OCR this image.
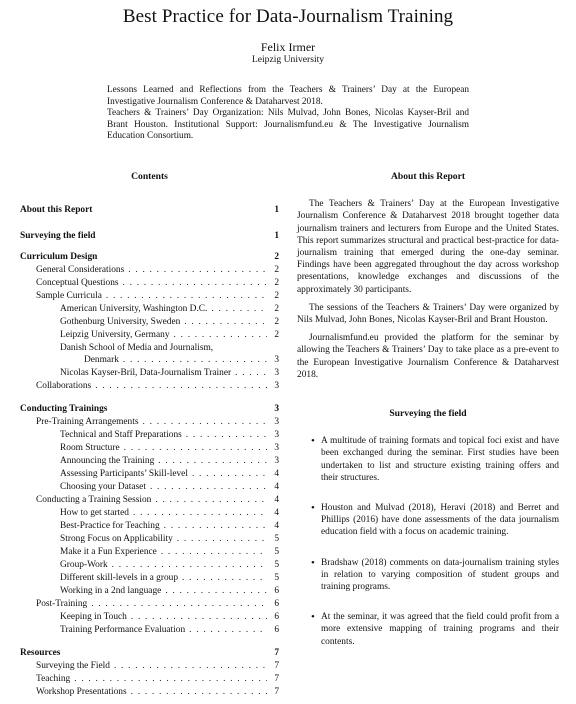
Best Practice for Data-Journalism Training
Felix Irmer
Leipzig University

Lessons Learned and Reflections from the Teachers & Trainers’ Day at the European Investigative Journalism Conference & Dataharvest 2018.

Teachers & Trainers’ Day Organization: Nils Mulvad, John Bones, Nicolas Kayser-Bril and Brant Houston. Institutional Support: Journalismfund.eu & The Investigative Journalism Education Consortium.

Contents
About this Report	1
Surveying the field	1
Curriculum Design	2
General Considerations . . .	2
Conceptual Questions . . .	2
Sample Curricula . . .	2
American University, Washington D.C. . . .	2
Gothenburg University, Sweden . . .	2
Leipzig University, Germany . . .	2
Danish School of Media and Journalism,
Denmark . . .	3
Nicolas Kayser-Bril, Data-Journalism Trainer . . .	3
Collaborations . . .	3
Conducting Trainings	3
Pre-Training Arrangements . . .	3
Technical and Staff Preparations . . .	3
Room Structure . . .	3
Announcing the Training . . .	3
Assessing Participants’ Skill-level . . .	4
Choosing your Dataset . . .	4
Conducting a Training Session . . .	4
How to get started . . .	4
Best-Practice for Teaching . . .	4
Strong Focus on Applicability . . .	5
Make it a Fun Experience . . .	5
Group-Work . . .	5
Different skill-levels in a group . . .	5
Working in a 2nd language . . .	6
Post-Training . . .	6
Keeping in Touch . . .	6
Training Performance Evaluation . . .	6
Resources	7
Surveying the Field . . .	7
Teaching . . .	7
Workshop Presentations . . .	7
About this Report

The Teachers & Trainers’ Day at the European Investigative Journalism Conference & Dataharvest 2018 brought together data journalism trainers and lecturers from Europe and the United States. This report summarizes structural and practical best-practice for data-journalism training that emerged during the one-day seminar. Findings have been aggregated throughout the day across workshop presentations, knowledge exchanges and discussions of the approximately 30 participants.

The sessions of the Teachers & Trainers’ Day were organized by Nils Mulvad, John Bones, Nicolas Kayser-Bril and Brant Houston.

Journalismfund.eu provided the platform for the seminar by allowing the Teachers & Trainers’ Day to take place as a pre-event to the European Investigative Journalism Conference & Dataharvest 2018.

Surveying the field
• A multitude of training formats and topical foci exist and have been exchanged during the seminar. First studies have been undertaken to list and structure existing training offers and their structures.
• Houston and Mulvad (2018), Heravi (2018) and Berret and Phillips (2016) have done assessments of the data journalism education field with a focus on academic training.
• Bradshaw (2018) comments on data-journalism training styles in relation to varying composition of student groups and training programs.
• At the seminar, it was agreed that the field could profit from a more extensive mapping of training programs and their contents.
